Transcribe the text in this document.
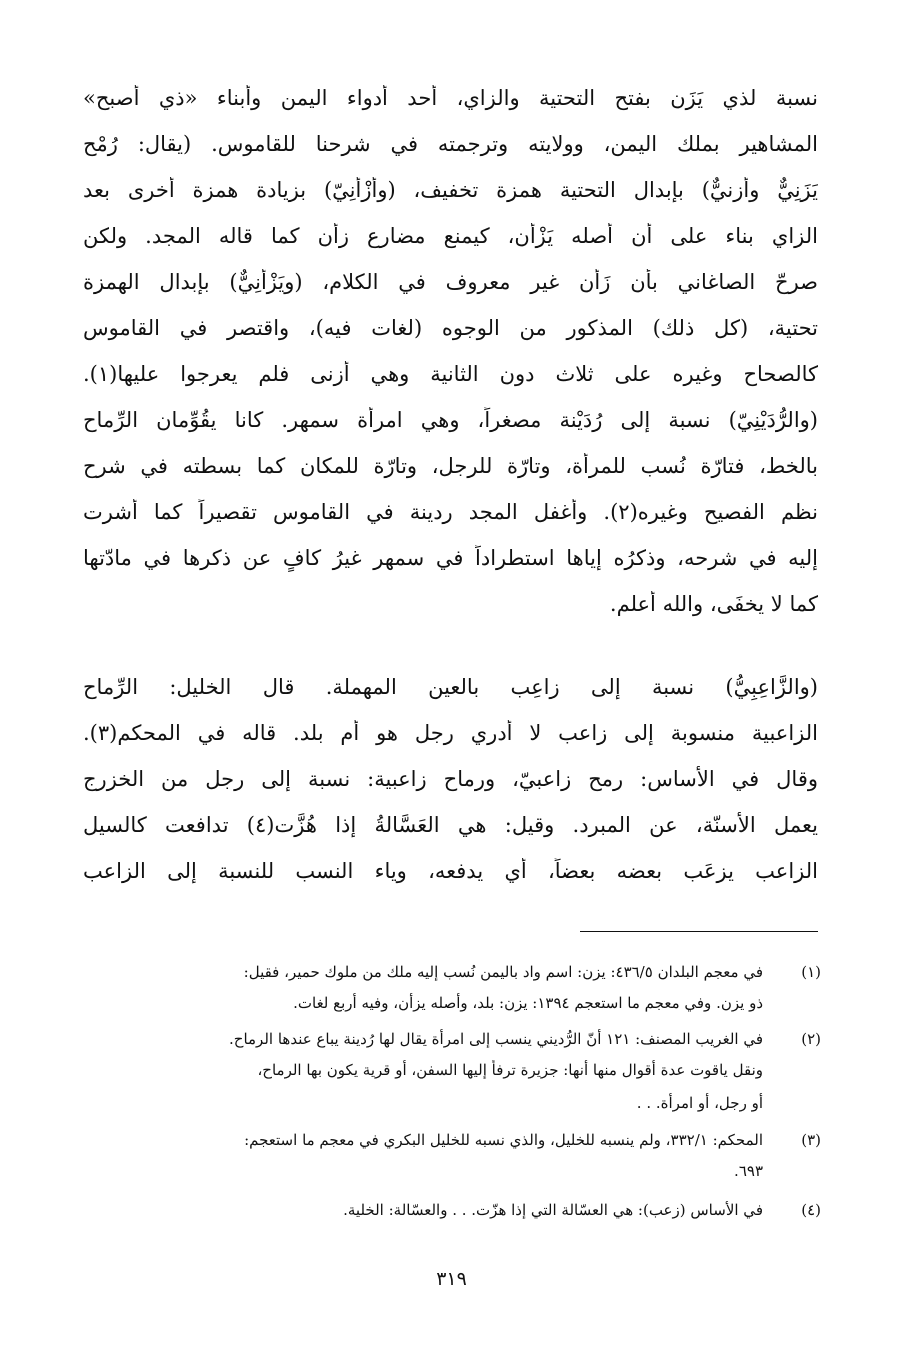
نسبة لذي يَزَن بفتح التحتية والزاي، أحد أدواء اليمن وأبناء «ذي أصبح»
المشاهير بملك اليمن، وولايته وترجمته في شرحنا للقاموس. (يقال: رُمْح
يَزَنِيٌّ وأَزنيٌّ) بإبدال التحتية همزة تخفيف، (وأَزْأَنِيّ) بزيادة همزة أخرى بعد
الزاي بناء على أن أصله يَزْأَن، كيمنع مضارع زأن كما قاله المجد. ولكن
صرحّ الصاغاني بأن زَأَن غير معروف في الكلام، (ويَزْأَنِيٌّ) بإبدال الهمزة
تحتية، (كل ذلك) المذكور من الوجوه (لغات فيه)، واقتصر في القاموس
كالصحاح وغيره على ثلاث دون الثانية وهي أزنى فلم يعرجوا عليها(١).
(والرُّدَيْنِيّ) نسبة إلى رُدَيْنة مصغراً، وهي امرأة سمهر. كانا يقُوِّمان الرِّماح
بالخط، فتارّة نُسب للمرأة، وتارّة للرجل، وتارّة للمكان كما بسطته في شرح
نظم الفصيح وغيره(٢). وأغفل المجد ردينة في القاموس تقصيراً كما أشرت
إليه في شرحه، وذكرُه إياها استطراداً في سمهر غيرُ كافٍ عن ذكرها في مادّتها
كما لا يخفَى، والله أعلم.
(والزَّاعِبِيُّ) نسبة إلى زاعِب بالعين المهملة. قال الخليل: الرِّماح
الزاعبية منسوبة إلى زاعب لا أدري رجل هو أم بلد. قاله في المحكم(٣).
وقال في الأساس: رمح زاعبيّ، ورماح زاعبية: نسبة إلى رجل من الخزرج
يعمل الأسنّة، عن المبرد. وقيل: هي العَسَّالةُ إذا هُزَّت(٤) تدافعت كالسيل
الزاعب يزعَب بعضه بعضاً، أي يدفعه، وياء النسب للنسبة إلى الزاعب
(١)
في معجم البلدان ٤٣٦/٥: يزن: اسم واد باليمن نُسب إليه ملك من ملوك حمير، فقيل:
ذو يزن. وفي معجم ما استعجم ١٣٩٤: يزن: بلد، وأصله يزأن، وفيه أربع لغات.
(٢)
في الغريب المصنف: ١٢١ أنّ الرُّديني ينسب إلى امرأة يقال لها رُدينة يباع عندها الرماح.
ونقل ياقوت عدة أقوال منها أنها: جزيرة ترفأ إليها السفن، أو قرية يكون بها الرماح،
أو رجل، أو امرأة. . .
(٣)
المحكم: ٣٣٢/١، ولم ينسبه للخليل، والذي نسبه للخليل البكري في معجم ما استعجم:
٦٩٣.
(٤)
في الأساس (زعب): هي العسّالة التي إذا هزّت. . . والعسّالة: الخلية.
٣١٩
